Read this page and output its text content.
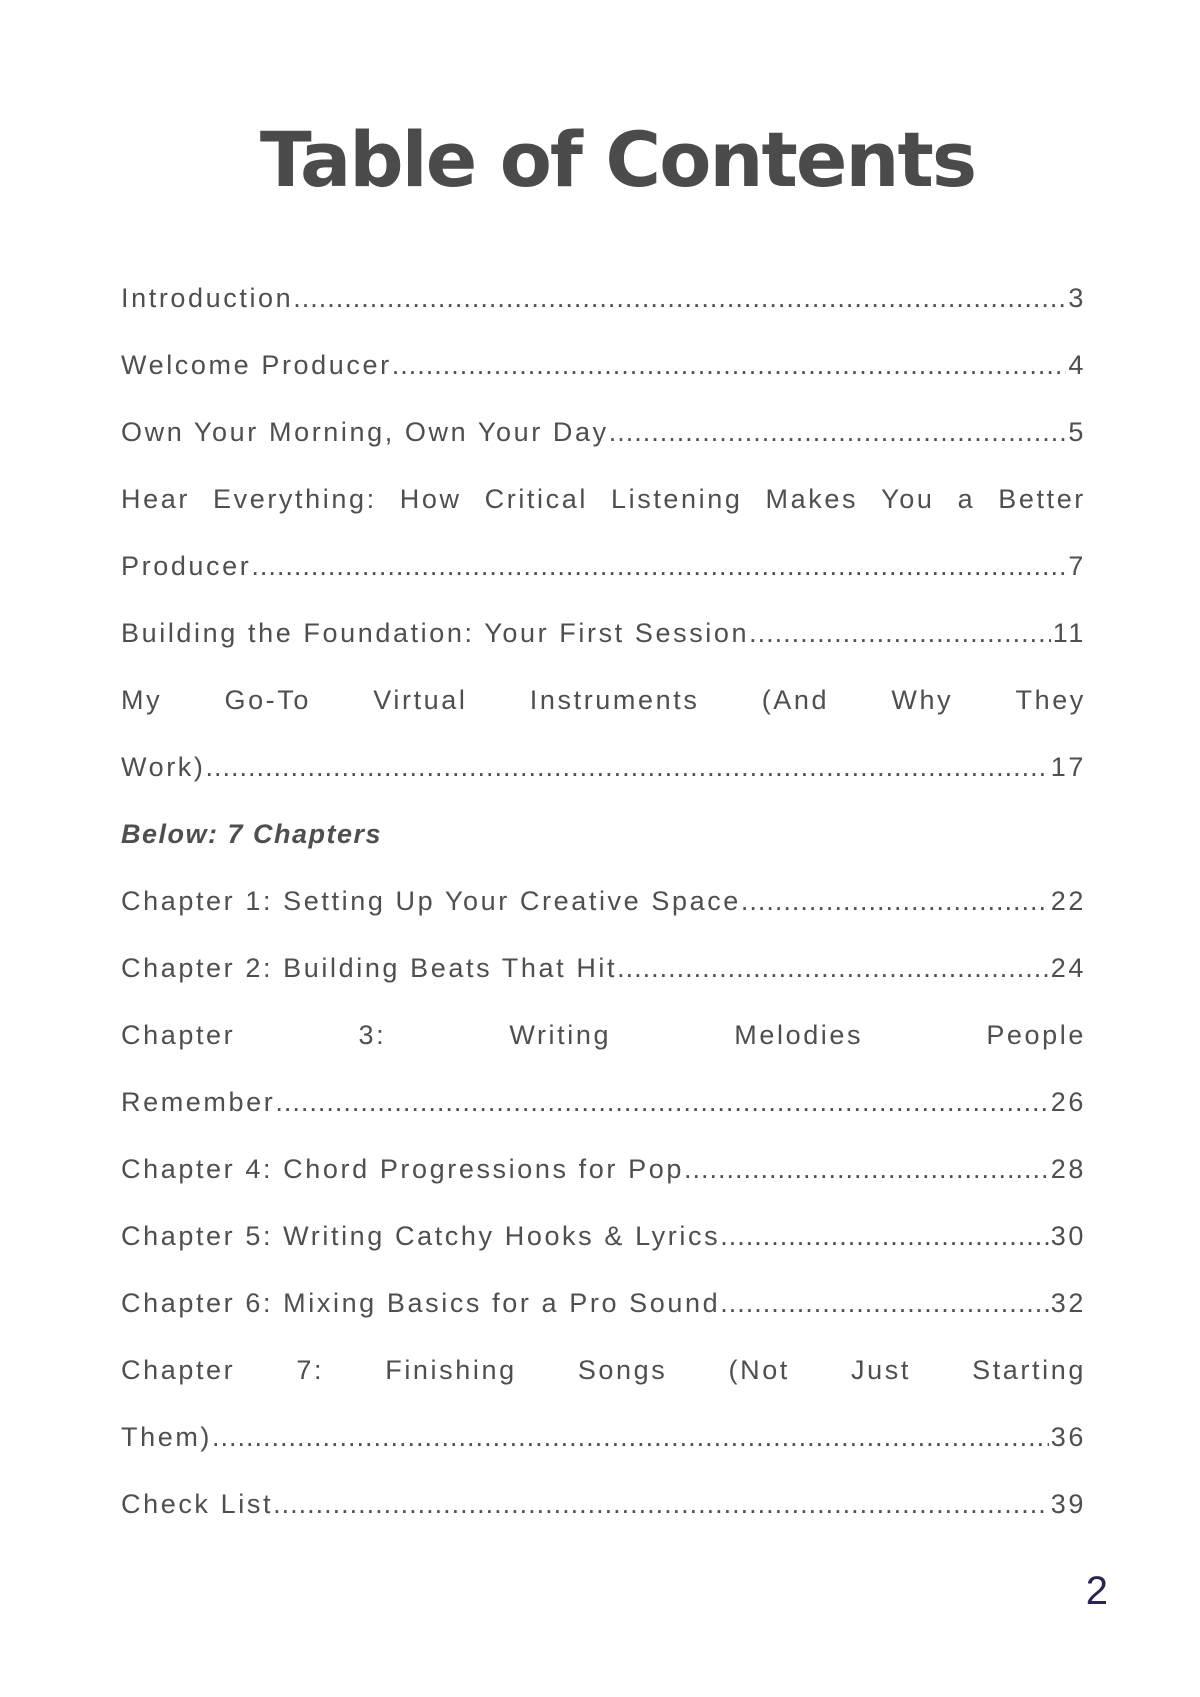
Table of Contents
Introduction .....	3
Welcome Producer .....	4
Own Your Morning, Own Your Day .....	5
Hear Everything: How Critical Listening Makes You a Better
Producer .....	7
Building the Foundation: Your First Session .....	11
My Go-To Virtual Instruments (And Why They
Work) .....	17
Below: 7 Chapters
Chapter 1: Setting Up Your Creative Space .....	22
Chapter 2: Building Beats That Hit .....	24
Chapter	3:	Writing	Melodies	People
Remember .....	26
Chapter 4: Chord Progressions for Pop .....	28
Chapter 5: Writing Catchy Hooks & Lyrics .....	30
Chapter 6: Mixing Basics for a Pro Sound .....	32
Chapter 7: Finishing Songs (Not Just Starting
Them) .....	36
Check List .....	39
2
